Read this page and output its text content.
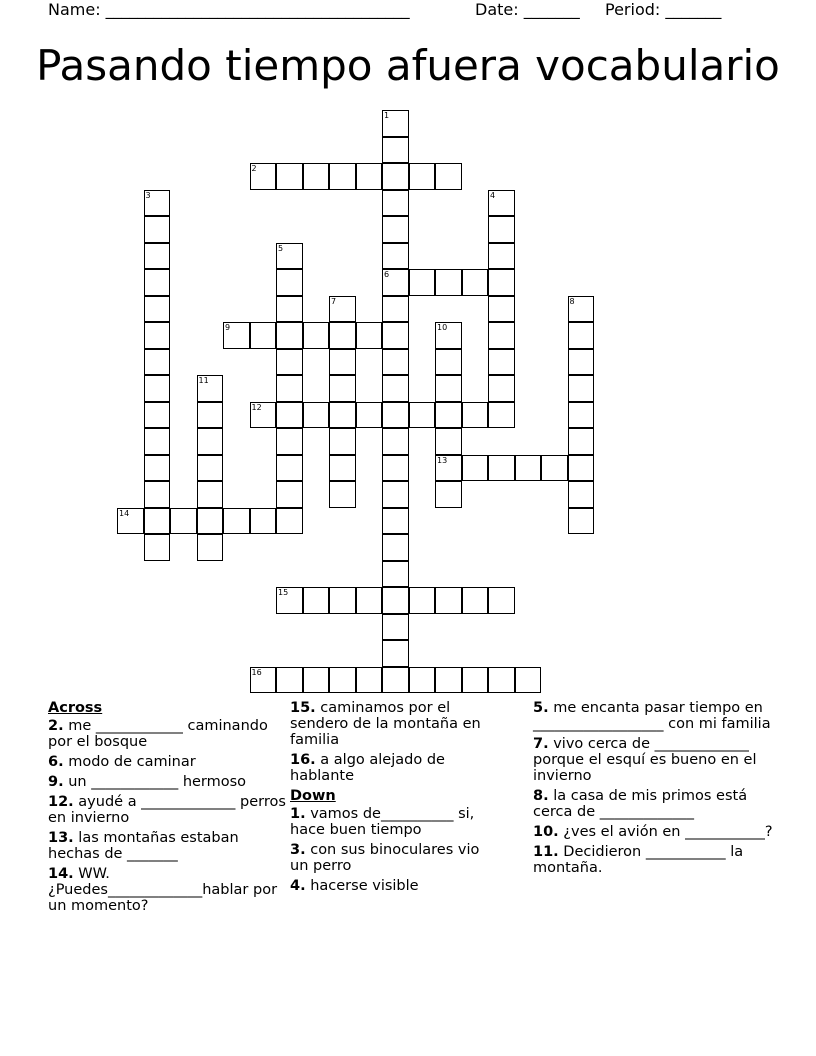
Name: ______________________________________	Date: _______ Period: _______
Pasando tiempo afuera vocabulario
1
6
2
3	4
5
7	8
9	10
13
11
12
14
15
16
Across
2. me ____________ caminando por el bosque
6. modo de caminar
9. un ____________ hermoso
12. ayudé a _____________ perros en invierno
13. las montañas estaban hechas de _______
14. WW. ¿Puedes_____________hablar por un momento?
15. caminamos por el sendero de la montaña en familia
16. a algo alejado de hablante
Down
1. vamos de__________ si, hace buen tiempo
3. con sus binoculares vio un perro
4. hacerse visible
5. me encanta pasar tiempo en __________________ con mi familia
7. vivo cerca de _____________ porque el esquí es bueno en el invierno
8. la casa de mis primos está cerca de _____________
10. ¿ves el avión en ___________?
11. Decidieron ___________ la montaña.
